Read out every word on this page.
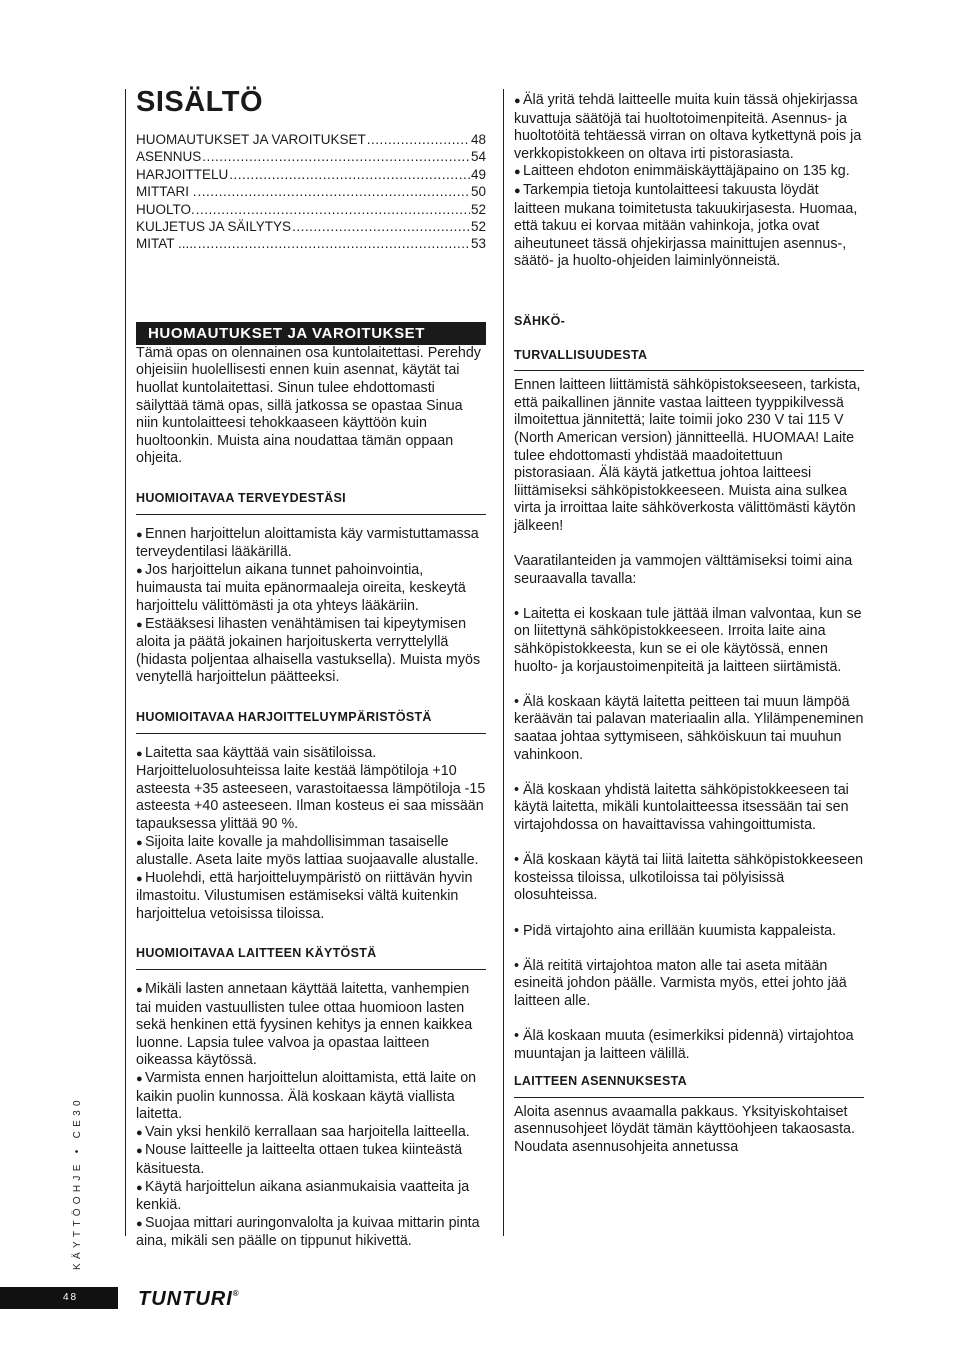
SISÄLTÖ
HUOMAUTUKSET JA VAROITUKSET .....	48
ASENNUS .....	54
HARJOITTELU .....	49
MITTARI . .....	50
HUOLTO. .....	52
KULJETUS JA SÄILYTYS .....	52
MITAT ..... .....	53
HUOMAUTUKSET JA VAROITUKSET

Tämä opas on olennainen osa kuntolaitettasi. Perehdy ohjeisiin huolellisesti ennen kuin asennat, käytät tai huollat kuntolaitettasi. Sinun tulee ehdottomasti säilyttää tämä opas, sillä jatkossa se opastaa Sinua niin kuntolaitteesi tehokkaaseen käyttöön kuin huoltoonkin. Muista aina noudattaa tämän oppaan ohjeita.

HUOMIOITAVAA TERVEYDESTÄSI

● Ennen harjoittelun aloittamista käy varmistuttamassa terveydentilasi lääkärillä.

● Jos harjoittelun aikana tunnet pahoinvointia, huimausta tai muita epänormaaleja oireita, keskeytä harjoittelu välittömästi ja ota yhteys lääkäriin.

● Estääksesi lihasten venähtämisen tai kipeytymisen aloita ja päätä jokainen harjoituskerta verryttelyllä (hidasta poljentaa alhaisella vastuksella). Muista myös venytellä harjoittelun päätteeksi.

HUOMIOITAVAA HARJOITTELUYMPÄRISTÖSTÄ

● Laitetta saa käyttää vain sisätiloissa. Harjoitteluolosuhteissa laite kestää lämpötiloja +10 asteesta +35 asteeseen, varastoitaessa lämpötiloja -15 asteesta +40 asteeseen. Ilman kosteus ei saa missään tapauksessa ylittää 90 %.

● Sijoita laite kovalle ja mahdollisimman tasaiselle alustalle. Aseta laite myös lattiaa suojaavalle alustalle.

● Huolehdi, että harjoitteluympäristö on riittävän hyvin ilmastoitu. Vilustumisen estämiseksi vältä kuitenkin harjoittelua vetoisissa tiloissa.

HUOMIOITAVAA LAITTEEN KÄYTÖSTÄ

● Mikäli lasten annetaan käyttää laitetta, vanhempien tai muiden vastuullisten tulee ottaa huomioon lasten sekä henkinen että fyysinen kehitys ja ennen kaikkea luonne. Lapsia tulee valvoa ja opastaa laitteen oikeassa käytössä.

● Varmista ennen harjoittelun aloittamista, että laite on kaikin puolin kunnossa. Älä koskaan käytä viallista laitetta.

● Vain yksi henkilö kerrallaan saa harjoitella laitteella.

● Nouse laitteelle ja laitteelta ottaen tukea kiinteästä käsituesta.

● Käytä harjoittelun aikana asianmukaisia vaatteita ja kenkiä.

● Suojaa mittari auringonvalolta ja kuivaa mittarin pinta aina, mikäli sen päälle on tippunut hikivettä.

● Älä yritä tehdä laitteelle muita kuin tässä ohjekirjassa kuvattuja säätöjä tai huoltotoimenpiteitä. Asennus- ja huoltotöitä tehtäessä virran on oltava kytkettynä pois ja verkkopistokkeen on oltava irti pistorasiasta.

● Laitteen ehdoton enimmäiskäyttäjäpaino on 135 kg.

● Tarkempia tietoja kuntolaitteesi takuusta löydät laitteen mukana toimitetusta takuukirjasesta. Huomaa, että takuu ei korvaa mitään vahinkoja, jotka ovat aiheutuneet tässä ohjekirjassa mainittujen asennus-, säätö- ja huolto-ohjeiden laiminlyönneistä.

SÄHKÖ-
TURVALLISUUDESTA

Ennen laitteen liittämistä sähköpistokseeseen, tarkista, että paikallinen jännite vastaa laitteen tyyppikilvessä ilmoitettua jännitettä; laite toimii joko 230 V tai 115 V (North American version) jännitteellä. HUOMAA! Laite tulee ehdottomasti yhdistää maadoitettuun pistorasiaan. Älä käytä jatkettua johtoa laitteesi liittämiseksi sähköpistokkeeseen. Muista aina sulkea virta ja irroittaa laite sähköverkosta välittömästi käytön jälkeen!

Vaaratilanteiden ja vammojen välttämiseksi toimi aina seuraavalla tavalla:

• Laitetta ei koskaan tule jättää ilman valvontaa, kun se on liitettynä sähköpistokkeeseen. Irroita laite aina sähköpistokkeesta, kun se ei ole käytössä, ennen huolto- ja korjaustoimenpiteitä ja laitteen siirtämistä.

• Älä koskaan käytä laitetta peitteen tai muun lämpöä keräävän tai palavan materiaalin alla. Ylilämpeneminen saataa johtaa syttymiseen, sähköiskuun tai muuhun vahinkoon.

• Älä koskaan yhdistä laitetta sähköpistokkeeseen tai käytä laitetta, mikäli kuntolaitteessa itsessään tai sen virtajohdossa on havaittavissa vahingoittumista.

• Älä koskaan käytä tai liitä laitetta sähköpistokkeeseen kosteissa tiloissa, ulkotiloissa tai pölyisissä olosuhteissa.

• Pidä virtajohto aina erillään kuumista kappaleista.

• Älä reititä virtajohtoa maton alle tai aseta mitään esineitä johdon päälle. Varmista myös, ettei johto jää laitteen alle.

• Älä koskaan muuta (esimerkiksi pidennä) virtajohtoa muuntajan ja laitteen välillä.

LAITTEEN ASENNUKSESTA

Aloita asennus avaamalla pakkaus. Yksityiskohtaiset asennusohjeet löydät tämän käyttöohjeen takaosasta. Noudata asennusohjeita annetussa

KÄYTTÖOHJE • CE30
48	TUNTURI®
